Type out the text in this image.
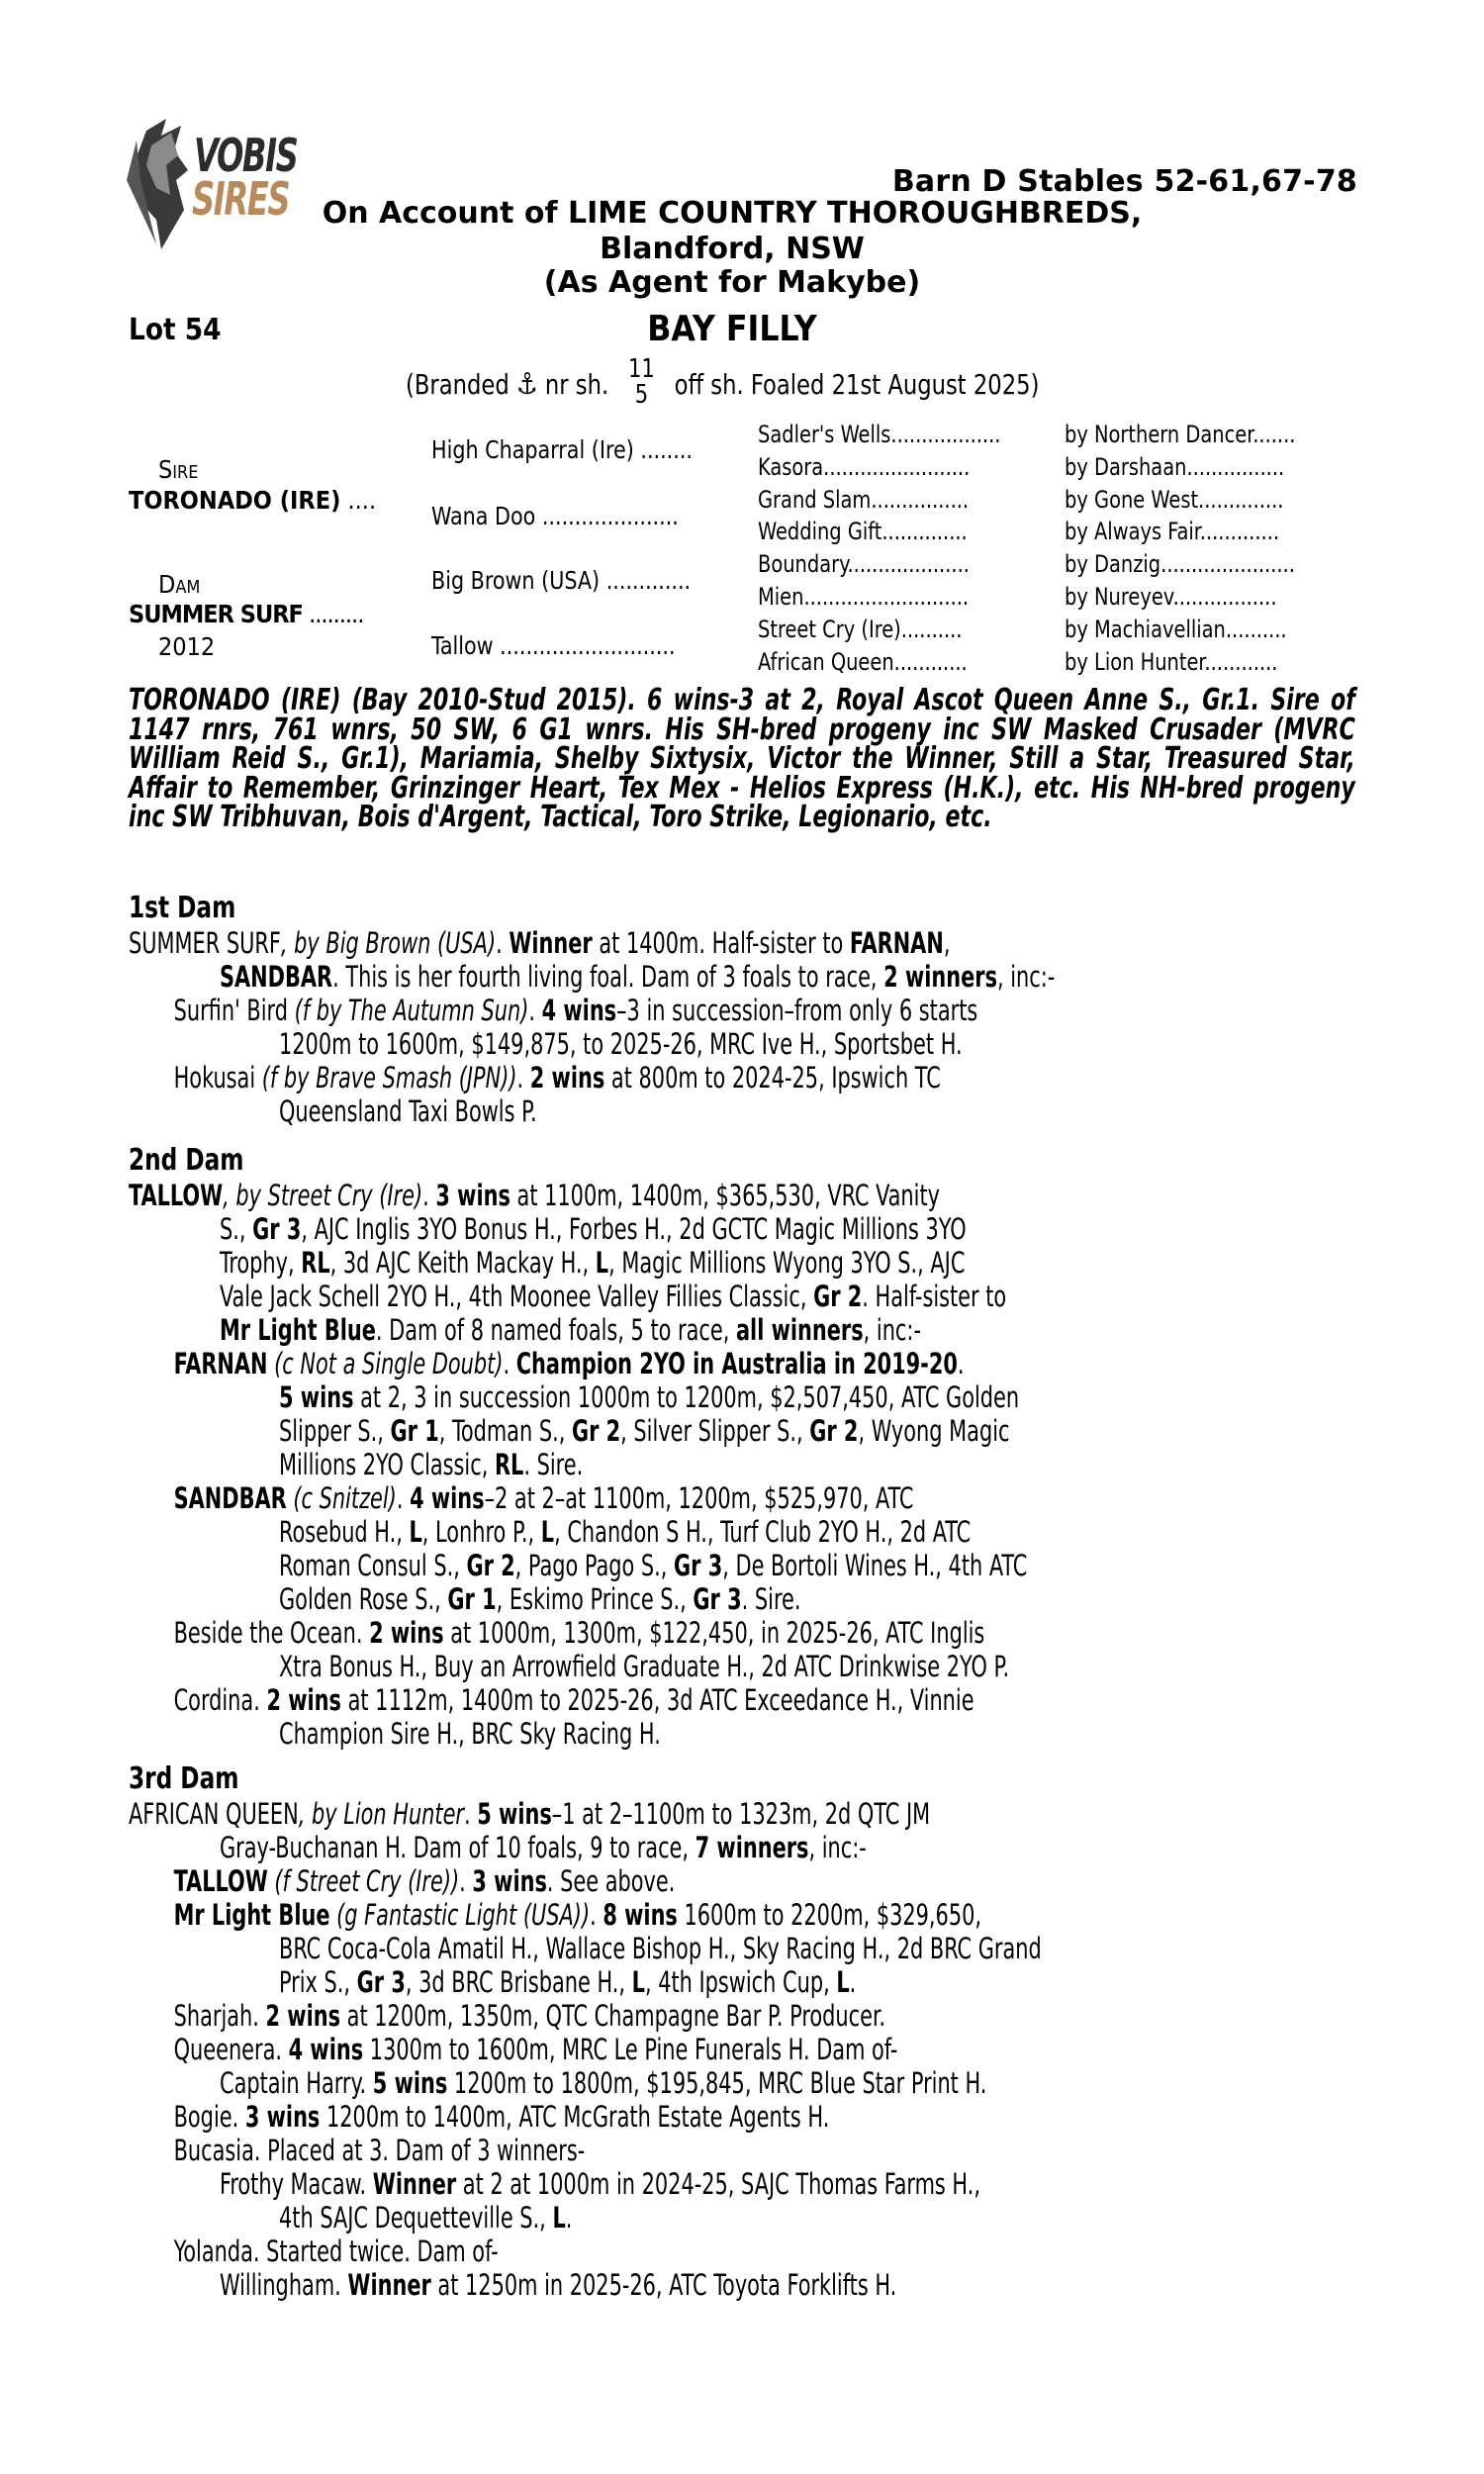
VOBIS
SIRES	Barn D Stables 52-61,67-78
On Account of LIME COUNTRY THOROUGHBREDS,
Blandford, NSW
(As Agent for Makybe)
Lot 54	BAY FILLY
(Branded ⚓ nr sh. 11
5 off sh. Foaled 21st August 2025)
Sire
TORONADO (IRE) ....
Dam
SUMMER SURF .........
2012
High Chaparral (Ire) ........
Wana Doo .....................
Big Brown (USA) .............
Tallow ...........................
Sadler's Wells..................	by Northern Dancer.......
Kasora........................	by Darshaan................
Grand Slam................	by Gone West..............
Wedding Gift..............	by Always Fair.............
Boundary....................	by Danzig......................
Mien...........................	by Nureyev.................
Street Cry (Ire)..........	by Machiavellian..........
African Queen............	by Lion Hunter............
TORONADO (IRE) (Bay 2010-Stud 2015). 6 wins-3 at 2, Royal Ascot Queen Anne S., Gr.1. Sire of 1147 rnrs, 761 wnrs, 50 SW, 6 G1 wnrs. His SH-bred progeny inc SW Masked Crusader (MVRC William Reid S., Gr.1), Mariamia, Shelby Sixtysix, Victor the Winner, Still a Star, Treasured Star, Affair to Remember, Grinzinger Heart, Tex Mex - Helios Express (H.K.), etc. His NH-bred progeny inc SW Tribhuvan, Bois d'Argent, Tactical, Toro Strike, Legionario, etc.
1st Dam
SUMMER SURF, by Big Brown (USA). Winner at 1400m. Half-sister to FARNAN,
SANDBAR. This is her fourth living foal. Dam of 3 foals to race, 2 winners, inc:-
Surfin' Bird (f by The Autumn Sun). 4 wins–3 in succession–from only 6 starts
1200m to 1600m, $149,875, to 2025-26, MRC Ive H., Sportsbet H.
Hokusai (f by Brave Smash (JPN)). 2 wins at 800m to 2024-25, Ipswich TC
Queensland Taxi Bowls P.
2nd Dam
TALLOW, by Street Cry (Ire). 3 wins at 1100m, 1400m, $365,530, VRC Vanity
S., Gr 3, AJC Inglis 3YO Bonus H., Forbes H., 2d GCTC Magic Millions 3YO
Trophy, RL, 3d AJC Keith Mackay H., L, Magic Millions Wyong 3YO S., AJC
Vale Jack Schell 2YO H., 4th Moonee Valley Fillies Classic, Gr 2. Half-sister to
Mr Light Blue. Dam of 8 named foals, 5 to race, all winners, inc:-
FARNAN (c Not a Single Doubt). Champion 2YO in Australia in 2019-20.
5 wins at 2, 3 in succession 1000m to 1200m, $2,507,450, ATC Golden
Slipper S., Gr 1, Todman S., Gr 2, Silver Slipper S., Gr 2, Wyong Magic
Millions 2YO Classic, RL. Sire.
SANDBAR (c Snitzel). 4 wins–2 at 2–at 1100m, 1200m, $525,970, ATC
Rosebud H., L, Lonhro P., L, Chandon S H., Turf Club 2YO H., 2d ATC
Roman Consul S., Gr 2, Pago Pago S., Gr 3, De Bortoli Wines H., 4th ATC
Golden Rose S., Gr 1, Eskimo Prince S., Gr 3. Sire.
Beside the Ocean. 2 wins at 1000m, 1300m, $122,450, in 2025-26, ATC Inglis
Xtra Bonus H., Buy an Arrowfield Graduate H., 2d ATC Drinkwise 2YO P.
Cordina. 2 wins at 1112m, 1400m to 2025-26, 3d ATC Exceedance H., Vinnie
Champion Sire H., BRC Sky Racing H.
3rd Dam
AFRICAN QUEEN, by Lion Hunter. 5 wins–1 at 2–1100m to 1323m, 2d QTC JM
Gray-Buchanan H. Dam of 10 foals, 9 to race, 7 winners, inc:-
TALLOW (f Street Cry (Ire)). 3 wins. See above.
Mr Light Blue (g Fantastic Light (USA)). 8 wins 1600m to 2200m, $329,650,
BRC Coca-Cola Amatil H., Wallace Bishop H., Sky Racing H., 2d BRC Grand
Prix S., Gr 3, 3d BRC Brisbane H., L, 4th Ipswich Cup, L.
Sharjah. 2 wins at 1200m, 1350m, QTC Champagne Bar P. Producer.
Queenera. 4 wins 1300m to 1600m, MRC Le Pine Funerals H. Dam of-
Captain Harry. 5 wins 1200m to 1800m, $195,845, MRC Blue Star Print H.
Bogie. 3 wins 1200m to 1400m, ATC McGrath Estate Agents H.
Bucasia. Placed at 3. Dam of 3 winners-
Frothy Macaw. Winner at 2 at 1000m in 2024-25, SAJC Thomas Farms H.,
4th SAJC Dequetteville S., L.
Yolanda. Started twice. Dam of-
Willingham. Winner at 1250m in 2025-26, ATC Toyota Forklifts H.
